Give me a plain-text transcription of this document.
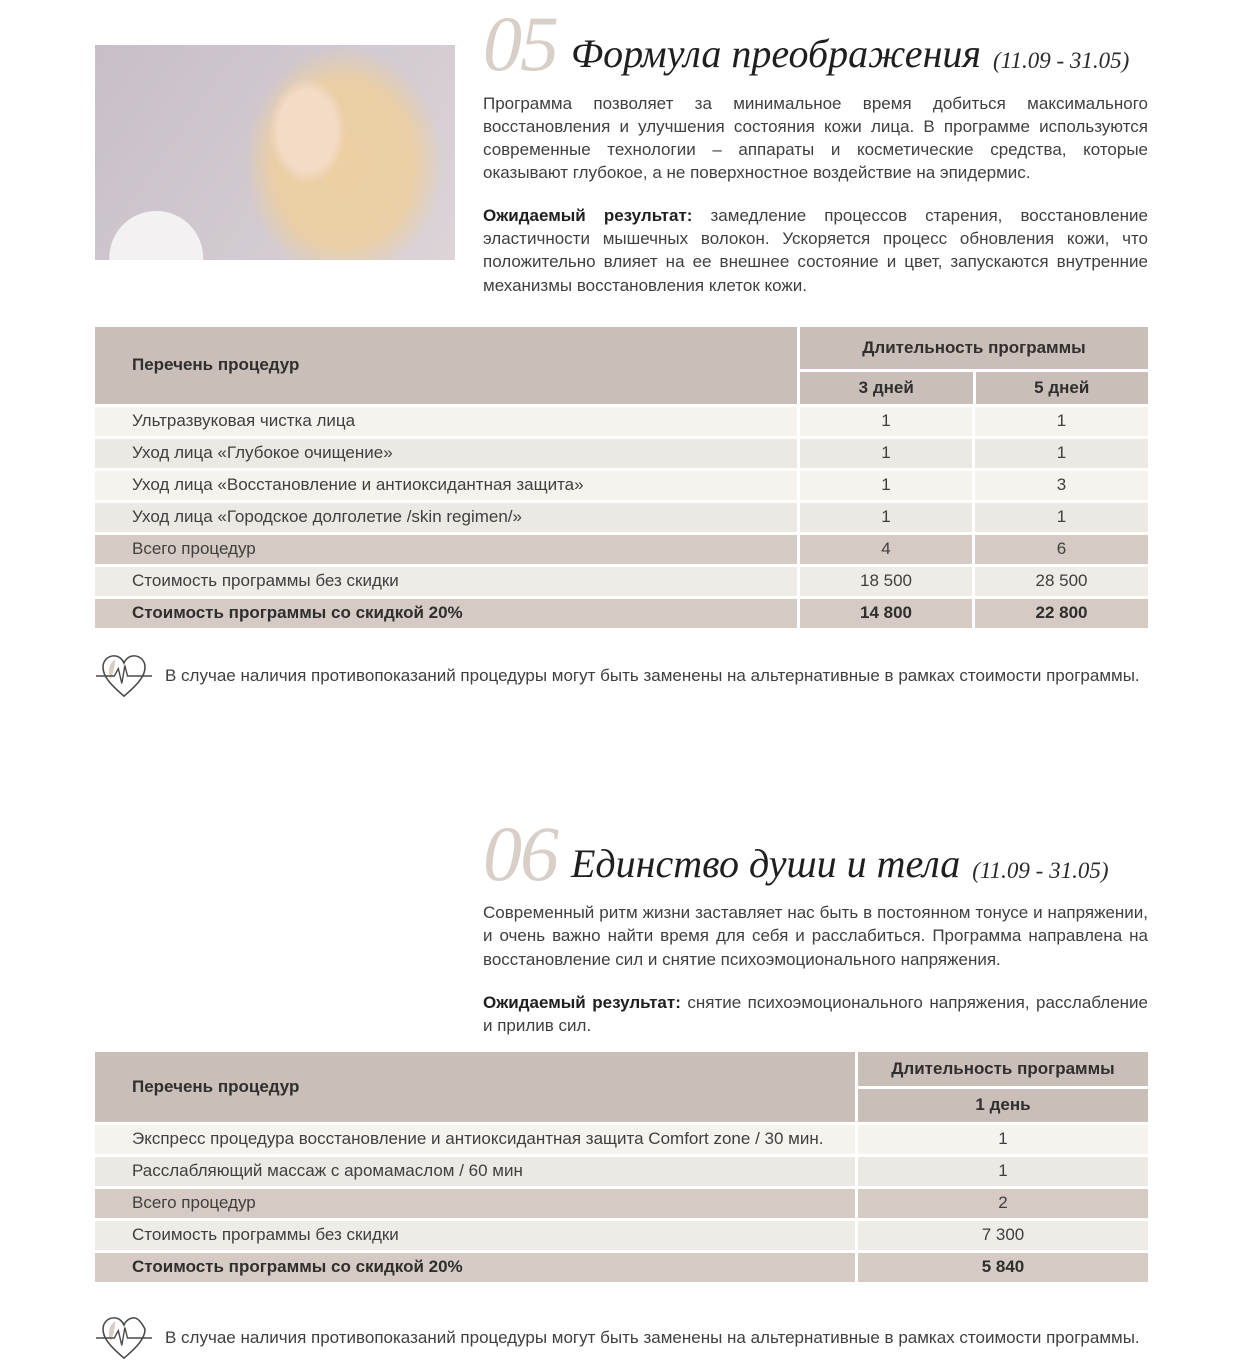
05 Формула преображения (11.09 - 31.05)

Программа позволяет за минимальное время добиться максимального восстановления и улучшения состояния кожи лица. В программе используются современные технологии – аппараты и косметические средства, которые оказывают глубокое, а не поверхностное воздействие на эпидермис.

Ожидаемый результат: замедление процессов старения, восстановление эластичности мышечных волокон. Ускоряется процесс обновления кожи, что положительно влияет на ее внешнее состояние и цвет, запускаются внутренние механизмы восстановления клеток кожи.

Перечень процедур
Длительность программы
3 дней	5 дней
Ультразвуковая чистка лица	1	1
Уход лица «Глубокое очищение»	1	1
Уход лица «Восстановление и антиоксидантная защита»	1	3
Уход лица «Городское долголетие /skin regimen/»	1	1
Всего процедур	4	6
Стоимость программы без скидки	18 500	28 500
Стоимость программы со скидкой 20%	14 800	22 800
В случае наличия противопоказаний процедуры могут быть заменены на альтернативные в рамках стоимости программы.
06 Единство души и тела (11.09 - 31.05)

Современный ритм жизни заставляет нас быть в постоянном тонусе и напряжении, и очень важно найти время для себя и расслабиться. Программа направлена на восстановление сил и снятие психоэмоционального напряжения.

Ожидаемый результат: снятие психоэмоционального напряжения, расслабление и прилив сил.

Перечень процедур
Длительность программы
1 день
Экспресс процедура восстановление и антиоксидантная защита Comfort zone / 30 мин.	1
Расслабляющий массаж с аромамаслом / 60 мин	1
Всего процедур	2
Стоимость программы без скидки	7 300
Стоимость программы со скидкой 20%	5 840
В случае наличия противопоказаний процедуры могут быть заменены на альтернативные в рамках стоимости программы.
